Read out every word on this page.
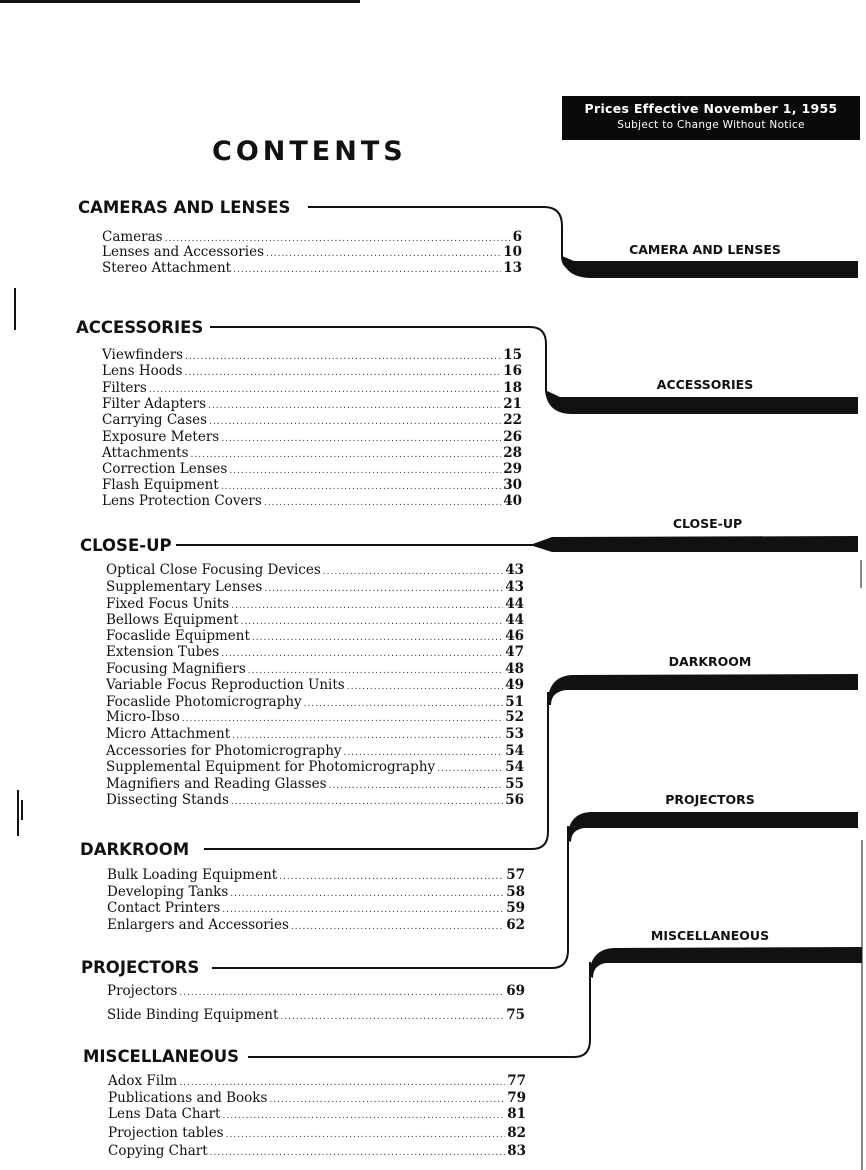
Prices Effective November 1, 1955
Subject to Change Without Notice
CONTENTS
CAMERA AND LENSES
ACCESSORIES
CLOSE-UP
DARKROOM
PROJECTORS
MISCELLANEOUS
CAMERAS AND LENSES
ACCESSORIES
CLOSE-UP
DARKROOM
PROJECTORS
MISCELLANEOUS
Cameras .....	6
Lenses and Accessories .....	10
Stereo Attachment .....	13
Viewfinders .....	15
Lens Hoods .....	16
Filters .....	18
Filter Adapters .....	21
Carrying Cases .....	22
Exposure Meters .....	26
Attachments .....	28
Correction Lenses .....	29
Flash Equipment .....	30
Lens Protection Covers .....	40
Optical Close Focusing Devices .....	43
Supplementary Lenses .....	43
Fixed Focus Units .....	44
Bellows Equipment .....	44
Focaslide Equipment .....	46
Extension Tubes .....	47
Focusing Magnifiers .....	48
Variable Focus Reproduction Units .....	49
Focaslide Photomicrography .....	51
Micro-Ibso .....	52
Micro Attachment .....	53
Accessories for Photomicrography .....	54
Supplemental Equipment for Photomicrography .....	54
Magnifiers and Reading Glasses .....	55
Dissecting Stands .....	56
Bulk Loading Equipment .....	57
Developing Tanks .....	58
Contact Printers .....	59
Enlargers and Accessories .....	62
Projectors .....	69
Slide Binding Equipment .....	75
Adox Film .....	77
Publications and Books .....	79
Lens Data Chart .....	81
Projection tables .....	82
Copying Chart .....	83
